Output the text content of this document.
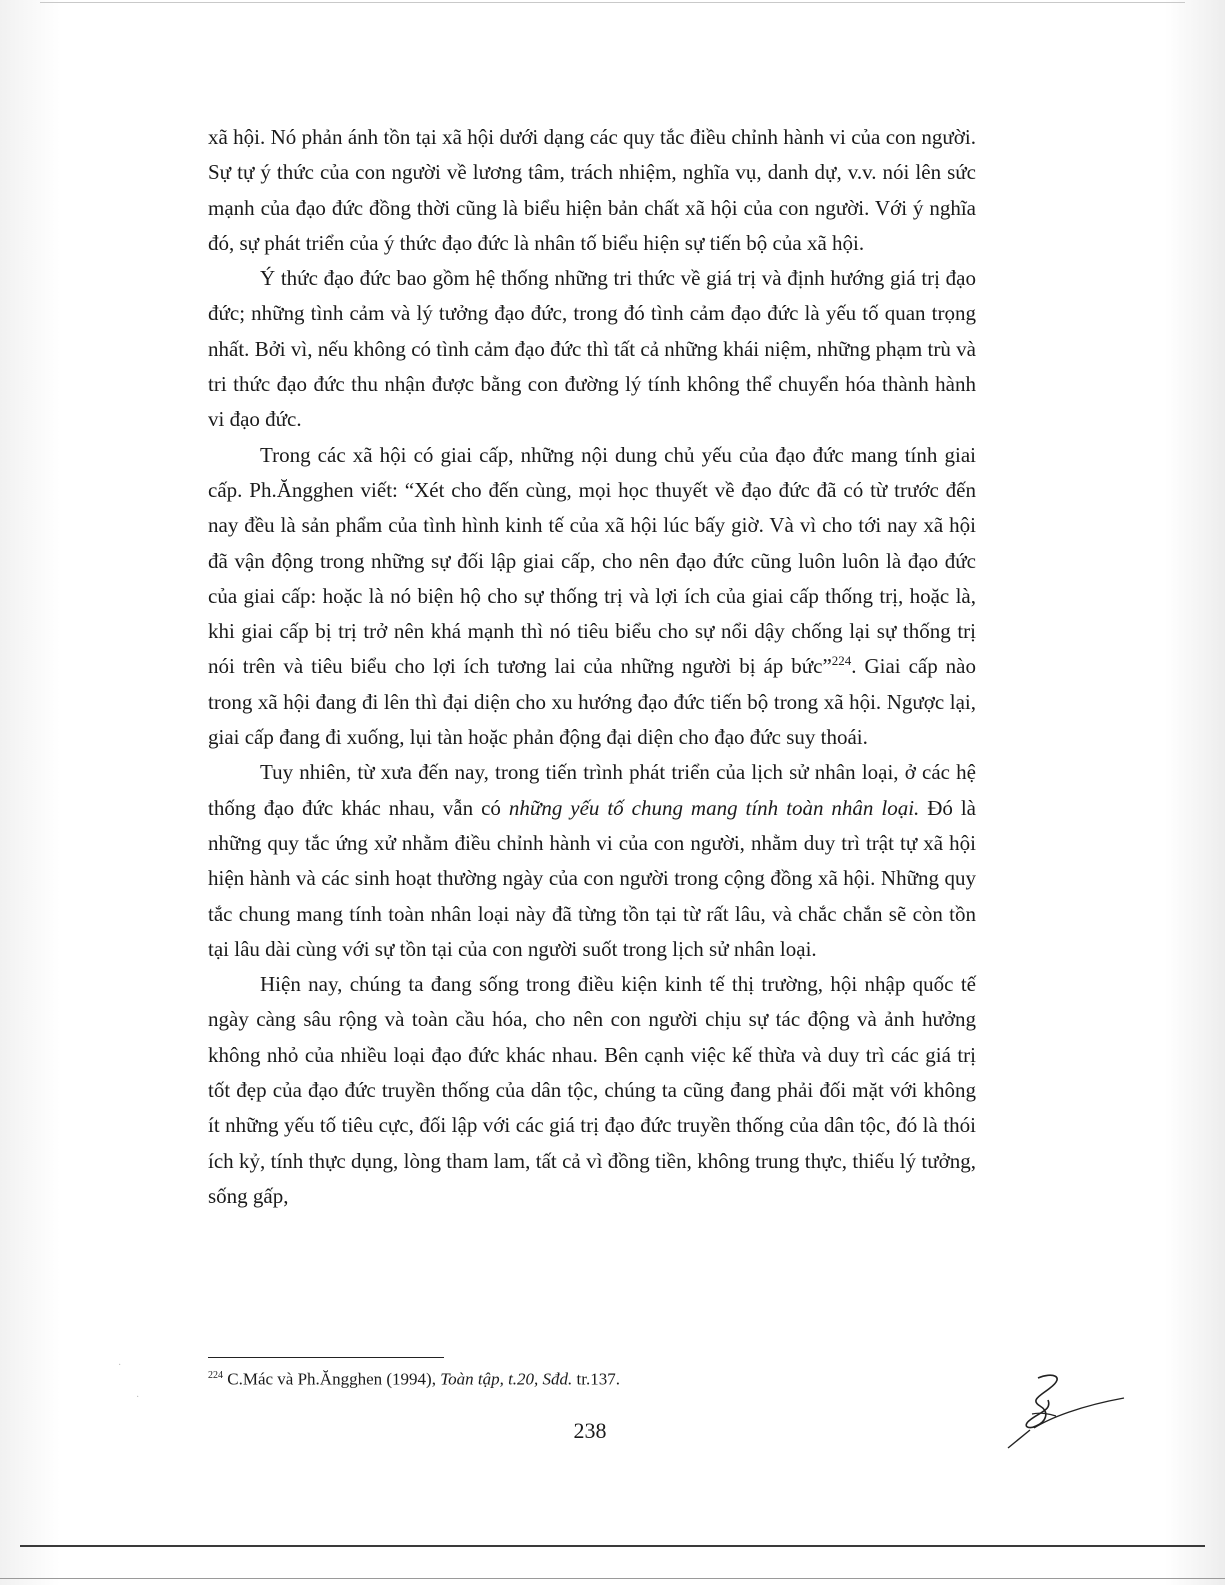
xã hội. Nó phản ánh tồn tại xã hội dưới dạng các quy tắc điều chỉnh hành vi của con người. Sự tự ý thức của con người về lương tâm, trách nhiệm, nghĩa vụ, danh dự, v.v. nói lên sức mạnh của đạo đức đồng thời cũng là biểu hiện bản chất xã hội của con người. Với ý nghĩa đó, sự phát triển của ý thức đạo đức là nhân tố biểu hiện sự tiến bộ của xã hội.

Ý thức đạo đức bao gồm hệ thống những tri thức về giá trị và định hướng giá trị đạo đức; những tình cảm và lý tưởng đạo đức, trong đó tình cảm đạo đức là yếu tố quan trọng nhất. Bởi vì, nếu không có tình cảm đạo đức thì tất cả những khái niệm, những phạm trù và tri thức đạo đức thu nhận được bằng con đường lý tính không thể chuyển hóa thành hành vi đạo đức.

Trong các xã hội có giai cấp, những nội dung chủ yếu của đạo đức mang tính giai cấp. Ph.Ăngghen viết: “Xét cho đến cùng, mọi học thuyết về đạo đức đã có từ trước đến nay đều là sản phẩm của tình hình kinh tế của xã hội lúc bấy giờ. Và vì cho tới nay xã hội đã vận động trong những sự đối lập giai cấp, cho nên đạo đức cũng luôn luôn là đạo đức của giai cấp: hoặc là nó biện hộ cho sự thống trị và lợi ích của giai cấp thống trị, hoặc là, khi giai cấp bị trị trở nên khá mạnh thì nó tiêu biểu cho sự nổi dậy chống lại sự thống trị nói trên và tiêu biểu cho lợi ích tương lai của những người bị áp bức”$^{224}$. Giai cấp nào trong xã hội đang đi lên thì đại diện cho xu hướng đạo đức tiến bộ trong xã hội. Ngược lại, giai cấp đang đi xuống, lụi tàn hoặc phản động đại diện cho đạo đức suy thoái.

Tuy nhiên, từ xưa đến nay, trong tiến trình phát triển của lịch sử nhân loại, ở các hệ thống đạo đức khác nhau, vẫn có những yếu tố chung mang tính toàn nhân loại. Đó là những quy tắc ứng xử nhằm điều chỉnh hành vi của con người, nhằm duy trì trật tự xã hội hiện hành và các sinh hoạt thường ngày của con người trong cộng đồng xã hội. Những quy tắc chung mang tính toàn nhân loại này đã từng tồn tại từ rất lâu, và chắc chắn sẽ còn tồn tại lâu dài cùng với sự tồn tại của con người suốt trong lịch sử nhân loại.

Hiện nay, chúng ta đang sống trong điều kiện kinh tế thị trường, hội nhập quốc tế ngày càng sâu rộng và toàn cầu hóa, cho nên con người chịu sự tác động và ảnh hưởng không nhỏ của nhiều loại đạo đức khác nhau. Bên cạnh việc kế thừa và duy trì các giá trị tốt đẹp của đạo đức truyền thống của dân tộc, chúng ta cũng đang phải đối mặt với không ít những yếu tố tiêu cực, đối lập với các giá trị đạo đức truyền thống của dân tộc, đó là thói ích kỷ, tính thực dụng, lòng tham lam, tất cả vì đồng tiền, không trung thực, thiếu lý tưởng, sống gấp,

$^{224}$ C.Mác và Ph.Ăngghen (1994), Toàn tập, t.20, Sđd. tr.137.
238
·
·
